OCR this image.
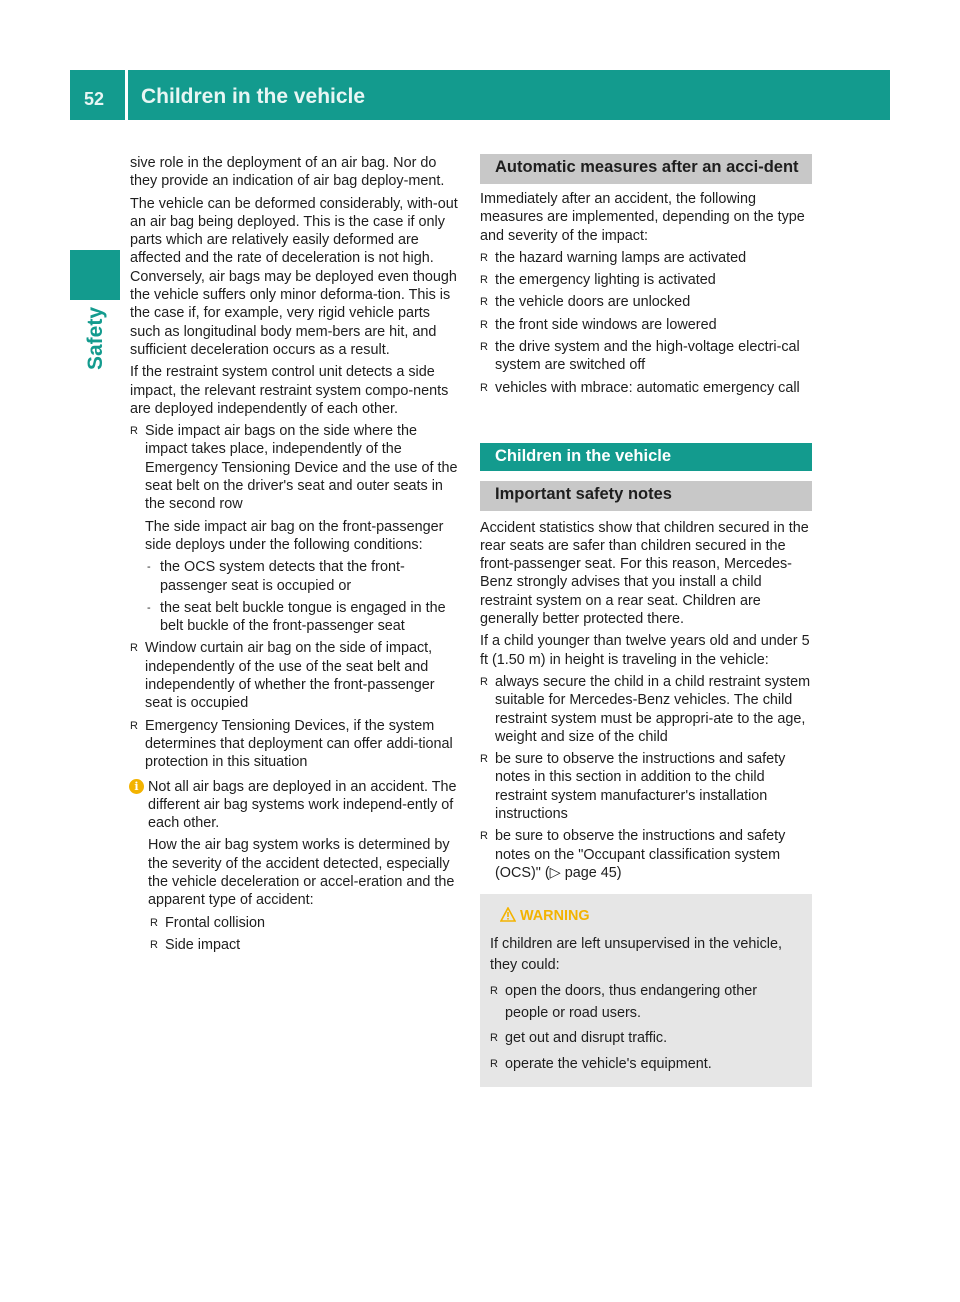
52 Children in the vehicle
Safety

sive role in the deployment of an air bag. Nor do they provide an indication of air bag deploy-ment.

The vehicle can be deformed considerably, with-out an air bag being deployed. This is the case if only parts which are relatively easily deformed are affected and the rate of deceleration is not high. Conversely, air bags may be deployed even though the vehicle suffers only minor deforma-tion. This is the case if, for example, very rigid vehicle parts such as longitudinal body mem-bers are hit, and sufficient deceleration occurs as a result.

If the restraint system control unit detects a side impact, the relevant restraint system compo-nents are deployed independently of each other.

R Side impact air bags on the side where the impact takes place, independently of the Emergency Tensioning Device and the use of the seat belt on the driver's seat and outer seats in the second row

The side impact air bag on the front-passenger side deploys under the following conditions:

- the OCS system detects that the front-passenger seat is occupied or
- the seat belt buckle tongue is engaged in the belt buckle of the front-passenger seat
R Window curtain air bag on the side of impact, independently of the use of the seat belt and independently of whether the front-passenger seat is occupied
R Emergency Tensioning Devices, if the system determines that deployment can offer addi-tional protection in this situation
i Not all air bags are deployed in an accident. The different air bag systems work independ-ently of each other.

How the air bag system works is determined by the severity of the accident detected, especially the vehicle deceleration or accel-eration and the apparent type of accident:

R Frontal collision
R Side impact
Automatic measures after an acci-dent

Immediately after an accident, the following measures are implemented, depending on the type and severity of the impact:

R the hazard warning lamps are activated
R the emergency lighting is activated
R the vehicle doors are unlocked
R the front side windows are lowered
R the drive system and the high-voltage electri-cal system are switched off
R vehicles with mbrace: automatic emergency call
Children in the vehicle
Important safety notes

Accident statistics show that children secured in the rear seats are safer than children secured in the front-passenger seat. For this reason, Mercedes-Benz strongly advises that you install a child restraint system on a rear seat. Children are generally better protected there.

If a child younger than twelve years old and under 5 ft (1.50 m) in height is traveling in the vehicle:

R always secure the child in a child restraint system suitable for Mercedes-Benz vehicles. The child restraint system must be appropri-ate to the age, weight and size of the child
R be sure to observe the instructions and safety notes in this section in addition to the child restraint system manufacturer's installation instructions
R be sure to observe the instructions and safety notes on the "Occupant classification system (OCS)" (▷ page 45)
WARNING

If children are left unsupervised in the vehicle, they could:

R open the doors, thus endangering other people or road users.
R get out and disrupt traffic.
R operate the vehicle's equipment.
